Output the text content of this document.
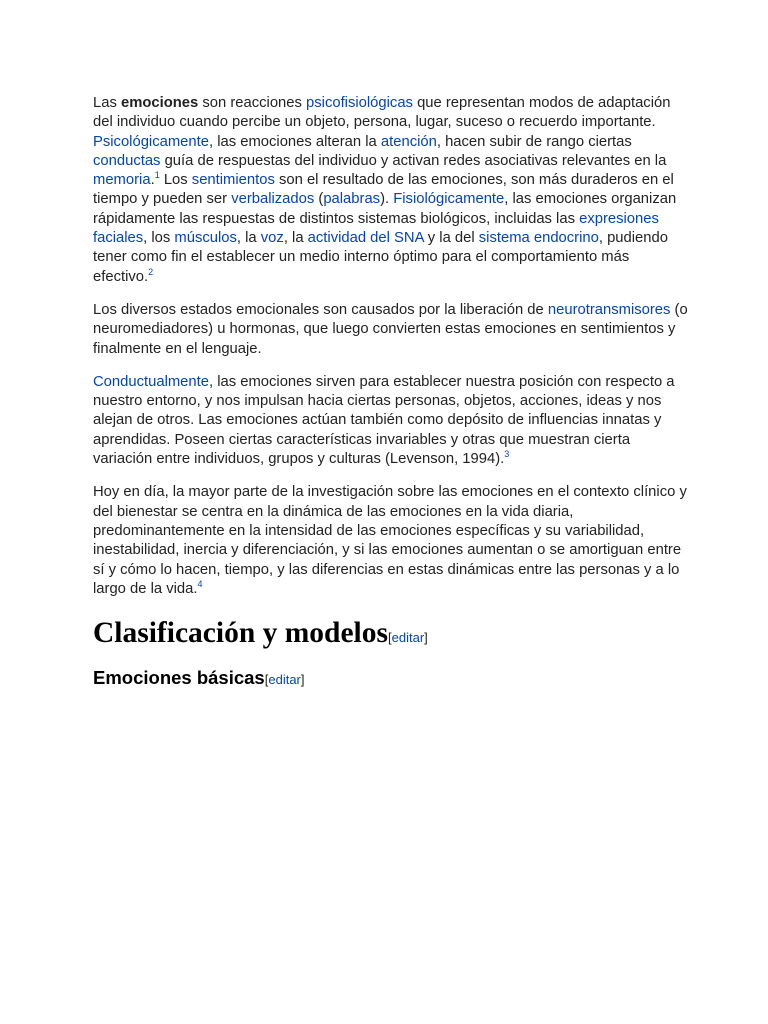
Las emociones son reacciones psicofisiológicas que representan modos de adaptación del individuo cuando percibe un objeto, persona, lugar, suceso o recuerdo importante. Psicológicamente, las emociones alteran la atención, hacen subir de rango ciertas conductas guía de respuestas del individuo y activan redes asociativas relevantes en la memoria.$^1$ Los sentimientos son el resultado de las emociones, son más duraderos en el tiempo y pueden ser verbalizados (palabras). Fisiológicamente, las emociones organizan rápidamente las respuestas de distintos sistemas biológicos, incluidas las expresiones faciales, los músculos, la voz, la actividad del SNA y la del sistema endocrino, pudiendo tener como fin el establecer un medio interno óptimo para el comportamiento más efectivo.$^2$

Los diversos estados emocionales son causados por la liberación de neurotransmisores (o neuromediadores) u hormonas, que luego convierten estas emociones en sentimientos y finalmente en el lenguaje.

Conductualmente, las emociones sirven para establecer nuestra posición con respecto a nuestro entorno, y nos impulsan hacia ciertas personas, objetos, acciones, ideas y nos alejan de otros. Las emociones actúan también como depósito de influencias innatas y aprendidas. Poseen ciertas características invariables y otras que muestran cierta variación entre individuos, grupos y culturas (Levenson, 1994).$^3$

Hoy en día, la mayor parte de la investigación sobre las emociones en el contexto clínico y del bienestar se centra en la dinámica de las emociones en la vida diaria, predominantemente en la intensidad de las emociones específicas y su variabilidad, inestabilidad, inercia y diferenciación, y si las emociones aumentan o se amortiguan entre sí y cómo lo hacen, tiempo, y las diferencias en estas dinámicas entre las personas y a lo largo de la vida.$^4$

Clasificación y modelos[editar]
Emociones básicas[editar]
